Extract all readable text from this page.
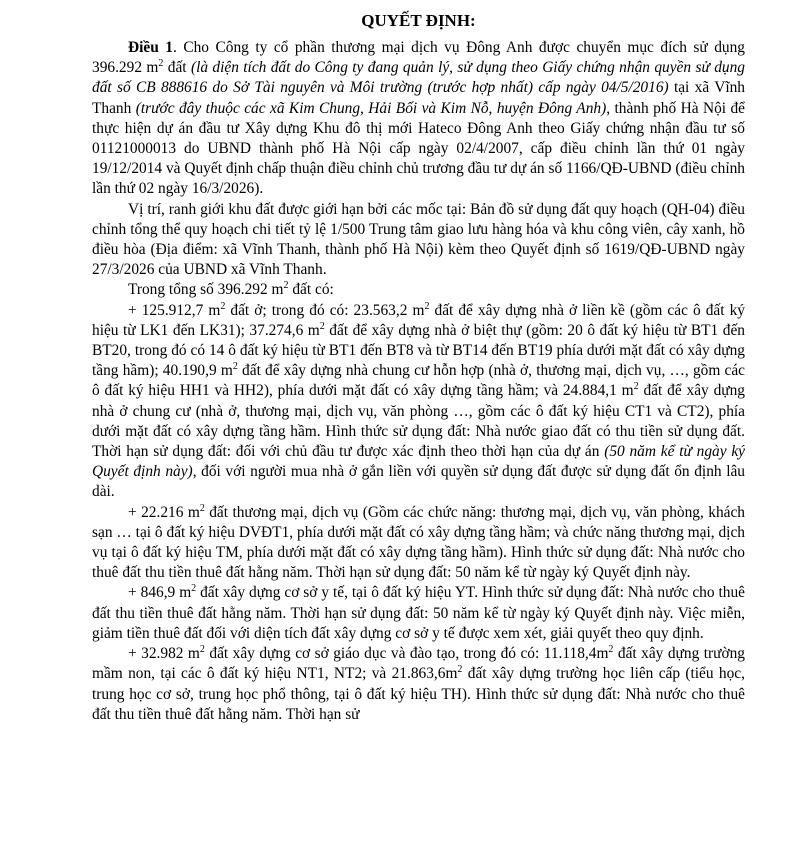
QUYẾT ĐỊNH:

Điều 1. Cho Công ty cổ phần thương mại dịch vụ Đông Anh được chuyển mục đích sử dụng 396.292 $m^2$ đất (là diện tích đất do Công ty đang quản lý, sử dụng theo Giấy chứng nhận quyền sử dụng đất số CB 888616 do Sở Tài nguyên và Môi trường (trước hợp nhất) cấp ngày 04/5/2016) tại xã Vĩnh Thanh (trước đây thuộc các xã Kim Chung, Hải Bối và Kim Nỗ, huyện Đông Anh), thành phố Hà Nội để thực hiện dự án đầu tư Xây dựng Khu đô thị mới Hateco Đông Anh theo Giấy chứng nhận đầu tư số 01121000013 do UBND thành phố Hà Nội cấp ngày 02/4/2007, cấp điều chỉnh lần thứ 01 ngày 19/12/2014 và Quyết định chấp thuận điều chỉnh chủ trương đầu tư dự án số 1166/QĐ-UBND (điều chỉnh lần thứ 02 ngày 16/3/2026).

Vị trí, ranh giới khu đất được giới hạn bởi các mốc tại: Bản đồ sử dụng đất quy hoạch (QH-04) điều chỉnh tổng thể quy hoạch chi tiết tỷ lệ 1/500 Trung tâm giao lưu hàng hóa và khu công viên, cây xanh, hồ điều hòa (Địa điểm: xã Vĩnh Thanh, thành phố Hà Nội) kèm theo Quyết định số 1619/QĐ-UBND ngày 27/3/2026 của UBND xã Vĩnh Thanh.

Trong tổng số 396.292 $m^2$ đất có:

+ 125.912,7 $m^2$ đất ở; trong đó có: 23.563,2 $m^2$ đất để xây dựng nhà ở liền kề (gồm các ô đất ký hiệu từ LK1 đến LK31); 37.274,6 $m^2$ đất để xây dựng nhà ở biệt thự (gồm: 20 ô đất ký hiệu từ BT1 đến BT20, trong đó có 14 ô đất ký hiệu từ BT1 đến BT8 và từ BT14 đến BT19 phía dưới mặt đất có xây dựng tầng hầm); 40.190,9 $m^2$ đất để xây dựng nhà chung cư hỗn hợp (nhà ở, thương mại, dịch vụ, …, gồm các ô đất ký hiệu HH1 và HH2), phía dưới mặt đất có xây dựng tầng hầm; và 24.884,1 $m^2$ đất để xây dựng nhà ở chung cư (nhà ở, thương mại, dịch vụ, văn phòng …, gồm các ô đất ký hiệu CT1 và CT2), phía dưới mặt đất có xây dựng tầng hầm. Hình thức sử dụng đất: Nhà nước giao đất có thu tiền sử dụng đất. Thời hạn sử dụng đất: đối với chủ đầu tư được xác định theo thời hạn của dự án (50 năm kể từ ngày ký Quyết định này), đối với người mua nhà ở gắn liền với quyền sử dụng đất được sử dụng đất ổn định lâu dài.

+ 22.216 $m^2$ đất thương mại, dịch vụ (Gồm các chức năng: thương mại, dịch vụ, văn phòng, khách sạn … tại ô đất ký hiệu DVĐT1, phía dưới mặt đất có xây dựng tầng hầm; và chức năng thương mại, dịch vụ tại ô đất ký hiệu TM, phía dưới mặt đất có xây dựng tầng hầm). Hình thức sử dụng đất: Nhà nước cho thuê đất thu tiền thuê đất hằng năm. Thời hạn sử dụng đất: 50 năm kể từ ngày ký Quyết định này.

+ 846,9 $m^2$ đất xây dựng cơ sở y tế, tại ô đất ký hiệu YT. Hình thức sử dụng đất: Nhà nước cho thuê đất thu tiền thuê đất hằng năm. Thời hạn sử dụng đất: 50 năm kể từ ngày ký Quyết định này. Việc miễn, giảm tiền thuê đất đối với diện tích đất xây dựng cơ sở y tế được xem xét, giải quyết theo quy định.

+ 32.982 $m^2$ đất xây dựng cơ sở giáo dục và đào tạo, trong đó có: $11.118,4m^2$ đất xây dựng trường mầm non, tại các ô đất ký hiệu NT1, NT2; và $21.863,6m^2$ đất xây dựng trường học liên cấp (tiểu học, trung học cơ sở, trung học phổ thông, tại ô đất ký hiệu TH). Hình thức sử dụng đất: Nhà nước cho thuê đất thu tiền thuê đất hằng năm. Thời hạn sử
